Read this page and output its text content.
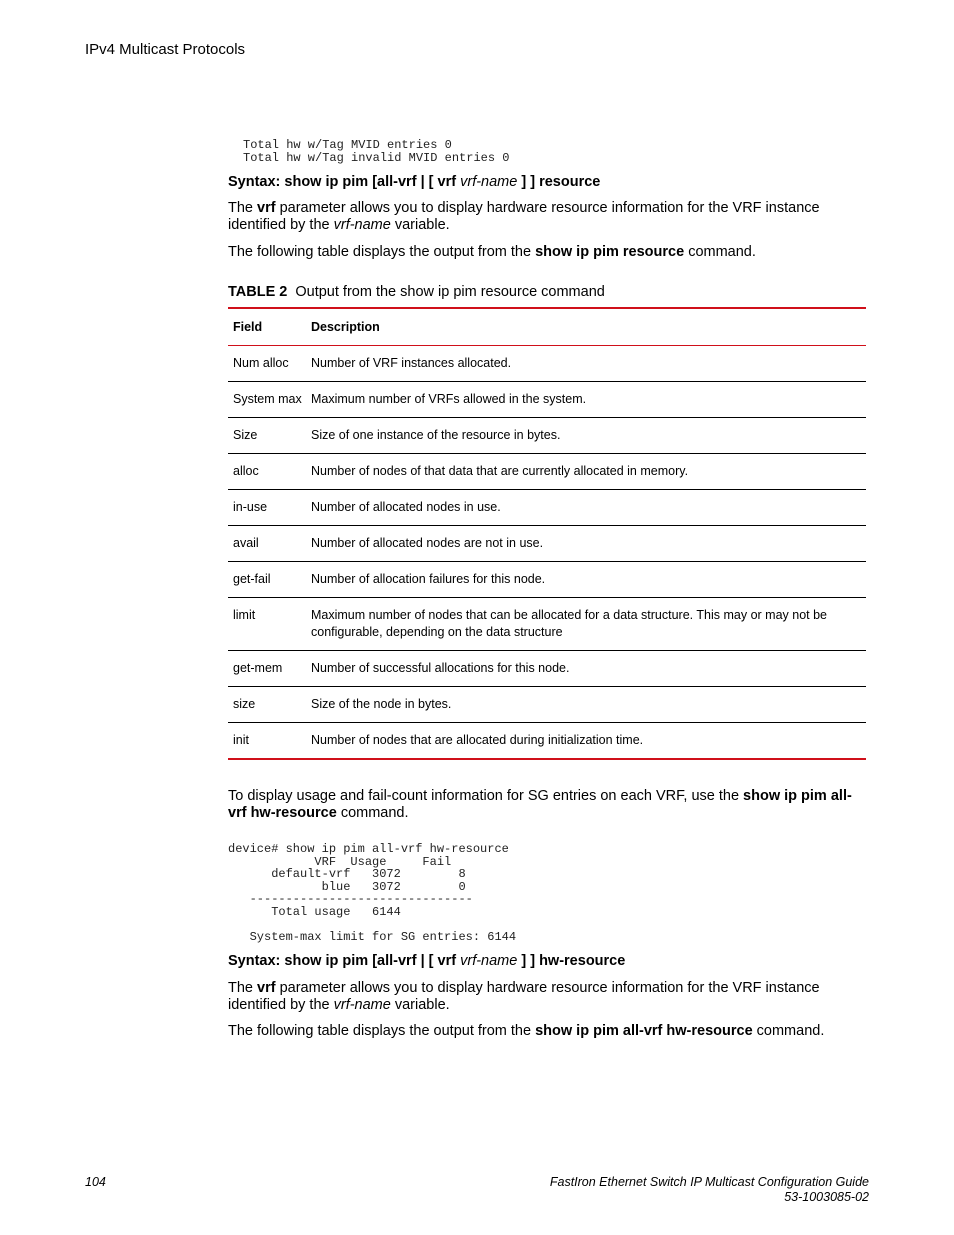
IPv4 Multicast Protocols
Total hw w/Tag MVID entries 0
Total hw w/Tag invalid MVID entries 0

Syntax: show ip pim [all-vrf | [ vrf vrf-name ] ] resource

The vrf parameter allows you to display hardware resource information for the VRF instance identified by the vrf-name variable.

The following table displays the output from the show ip pim resource command.

TABLE 2 Output from the show ip pim resource command
Field	Description
Num alloc	Number of VRF instances allocated.
System max	Maximum number of VRFs allowed in the system.
Size	Size of one instance of the resource in bytes.
alloc	Number of nodes of that data that are currently allocated in memory.
in-use	Number of allocated nodes in use.
avail	Number of allocated nodes are not in use.
get-fail	Number of allocation failures for this node.
limit	Maximum number of nodes that can be allocated for a data structure. This may or may not be configurable, depending on the data structure
get-mem	Number of successful allocations for this node.
size	Size of the node in bytes.
init	Number of nodes that are allocated during initialization time.

To display usage and fail-count information for SG entries on each VRF, use the show ip pim all-vrf hw-resource command.

device# show ip pim all-vrf hw-resource
VRF  Usage     Fail
default-vrf   3072        8
blue   3072        0
-------------------------------
Total usage   6144

System-max limit for SG entries: 6144

Syntax: show ip pim [all-vrf | [ vrf vrf-name ] ] hw-resource

The vrf parameter allows you to display hardware resource information for the VRF instance identified by the vrf-name variable.

The following table displays the output from the show ip pim all-vrf hw-resource command.

104	FastIron Ethernet Switch IP Multicast Configuration Guide
53-1003085-02
